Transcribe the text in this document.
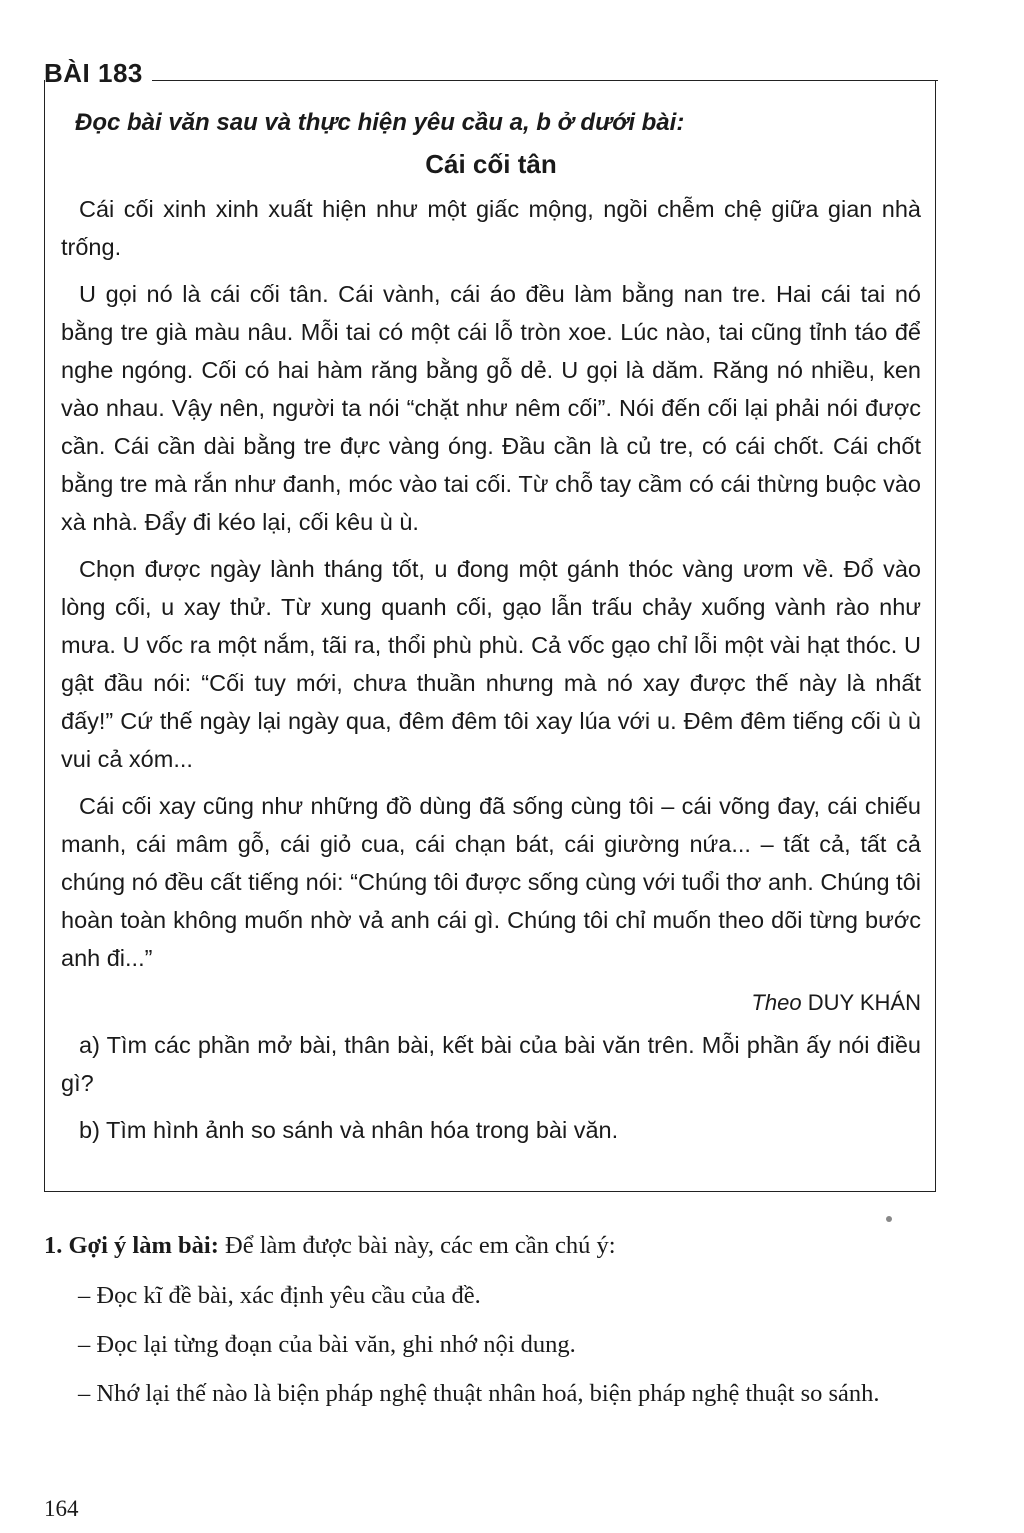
BÀI 183

Đọc bài văn sau và thực hiện yêu cầu a, b ở dưới bài:

Cái cối tân

Cái cối xinh xinh xuất hiện như một giấc mộng, ngồi chễm chệ giữa gian nhà trống.

U gọi nó là cái cối tân. Cái vành, cái áo đều làm bằng nan tre. Hai cái tai nó bằng tre già màu nâu. Mỗi tai có một cái lỗ tròn xoe. Lúc nào, tai cũng tỉnh táo để nghe ngóng. Cối có hai hàm răng bằng gỗ dẻ. U gọi là dăm. Răng nó nhiều, ken vào nhau. Vậy nên, người ta nói “chặt như nêm cối”. Nói đến cối lại phải nói được cần. Cái cần dài bằng tre đực vàng óng. Đầu cần là củ tre, có cái chốt. Cái chốt bằng tre mà rắn như đanh, móc vào tai cối. Từ chỗ tay cầm có cái thừng buộc vào xà nhà. Đẩy đi kéo lại, cối kêu ù ù.

Chọn được ngày lành tháng tốt, u đong một gánh thóc vàng ươm về. Đổ vào lòng cối, u xay thử. Từ xung quanh cối, gạo lẫn trấu chảy xuống vành rào như mưa. U vốc ra một nắm, tãi ra, thổi phù phù. Cả vốc gạo chỉ lỗi một vài hạt thóc. U gật đầu nói: “Cối tuy mới, chưa thuần nhưng mà nó xay được thế này là nhất đấy!” Cứ thế ngày lại ngày qua, đêm đêm tôi xay lúa với u. Đêm đêm tiếng cối ù ù vui cả xóm...

Cái cối xay cũng như những đồ dùng đã sống cùng tôi – cái võng đay, cái chiếu manh, cái mâm gỗ, cái giỏ cua, cái chạn bát, cái giường nứa... – tất cả, tất cả chúng nó đều cất tiếng nói: “Chúng tôi được sống cùng với tuổi thơ anh. Chúng tôi hoàn toàn không muốn nhờ vả anh cái gì. Chúng tôi chỉ muốn theo dõi từng bước anh đi...”

Theo DUY KHÁN

a) Tìm các phần mở bài, thân bài, kết bài của bài văn trên. Mỗi phần ấy nói điều gì?

b) Tìm hình ảnh so sánh và nhân hóa trong bài văn.

1. Gợi ý làm bài: Để làm được bài này, các em cần chú ý:

– Đọc kĩ đề bài, xác định yêu cầu của đề.

– Đọc lại từng đoạn của bài văn, ghi nhớ nội dung.

– Nhớ lại thế nào là biện pháp nghệ thuật nhân hoá, biện pháp nghệ thuật so sánh.

164
